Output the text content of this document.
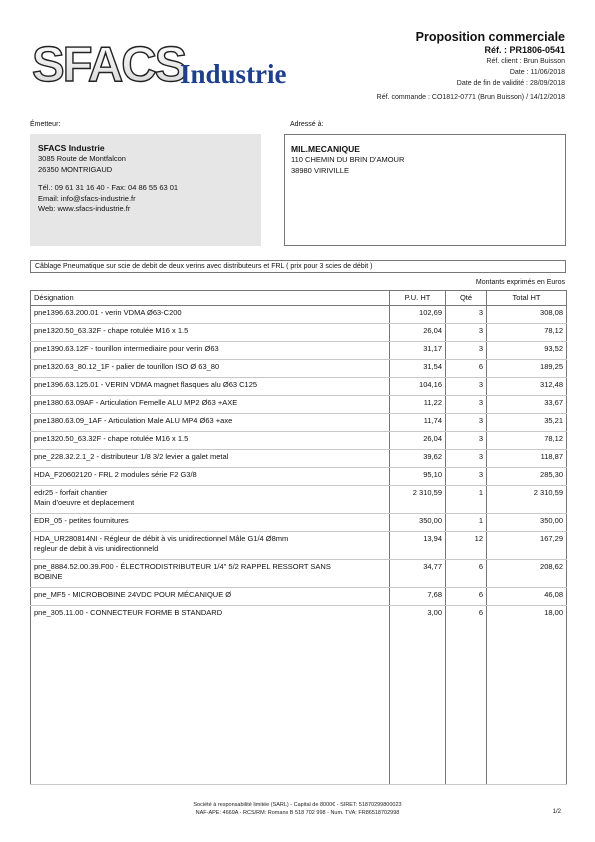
SFACS
Industrie
Proposition commerciale
Réf. : PR1806-0541
Réf. client : Brun Buisson
Date : 11/06/2018
Date de fin de validité : 28/09/2018
Réf. commande : CO1812-0771 (Brun Buisson) / 14/12/2018
Émetteur:	Adressé à:
SFACS Industrie
3085 Route de Montfalcon
26350 MONTRIGAUD
Tél.: 09 61 31 16 40 - Fax: 04 86 55 63 01
Email: info@sfacs-industrie.fr
Web: www.sfacs-industrie.fr
MIL.MECANIQUE
110 CHEMIN DU BRIN D'AMOUR
38980 VIRIVILLE
Câblage Pneumatique sur scie de debit de deux verins avec distributeurs et FRL ( prix pour 3 scies de débit )
Montants exprimés en Euros
Désignation	P.U. HT	Qté	Total HT

pne1396.63.200.01 - verin VDMA Ø63-C200	102,69	3	308,08

pne1320.50_63.32F - chape rotulée M16 x 1.5	26,04	3	78,12

pne1390.63.12F - tourillon intermediaire pour verin Ø63	31,17	3	93,52

pne1320.63_80.12_1F - palier de tourillon ISO Ø 63_80	31,54	6	189,25

pne1396.63.125.01 - VERIN VDMA magnet flasques alu Ø63 C125	104,16	3	312,48

pne1380.63.09AF - Articulation Femelle ALU MP2 Ø63 +AXE	11,22	3	33,67

pne1380.63.09_1AF - Articulation Male ALU MP4 Ø63 +axe	11,74	3	35,21

pne1320.50_63.32F - chape rotulée M16 x 1.5	26,04	3	78,12

pne_228.32.2.1_2 - distributeur 1/8 3/2 levier a galet metal	39,62	3	118,87

HDA_F20602120 - FRL 2 modules série F2 G3/8	95,10	3	285,30

edr25 - forfait chantier
Main d'oeuvre et deplacement	2 310,59	1	2 310,59

EDR_05 - petites fournitures	350,00	1	350,00

HDA_UR280814NI - Régleur de débit à vis unidirectionnel Mâle G1/4 Ø8mm
regleur de debit à vis unidirectionneld	13,94	12	167,29

pne_8884.52.00.39.F00 - ÉLECTRODISTRIBUTEUR 1/4" 5/2 RAPPEL RESSORT SANS
BOBINE	34,77	6	208,62

pne_MF5 - MICROBOBINE 24VDC POUR MÉCANIQUE Ø	7,68	6	46,08

pne_305.11.00 - CONNECTEUR FORME B STANDARD	3,00	6	18,00
Société à responsabilité limitée (SARL) - Capital de 8000€ - SIRET: 51870299800023
NAF-APE: 4669A - RCS/RM: Romans B 518 702 998 - Num. TVA: FR86518702998	1/2
